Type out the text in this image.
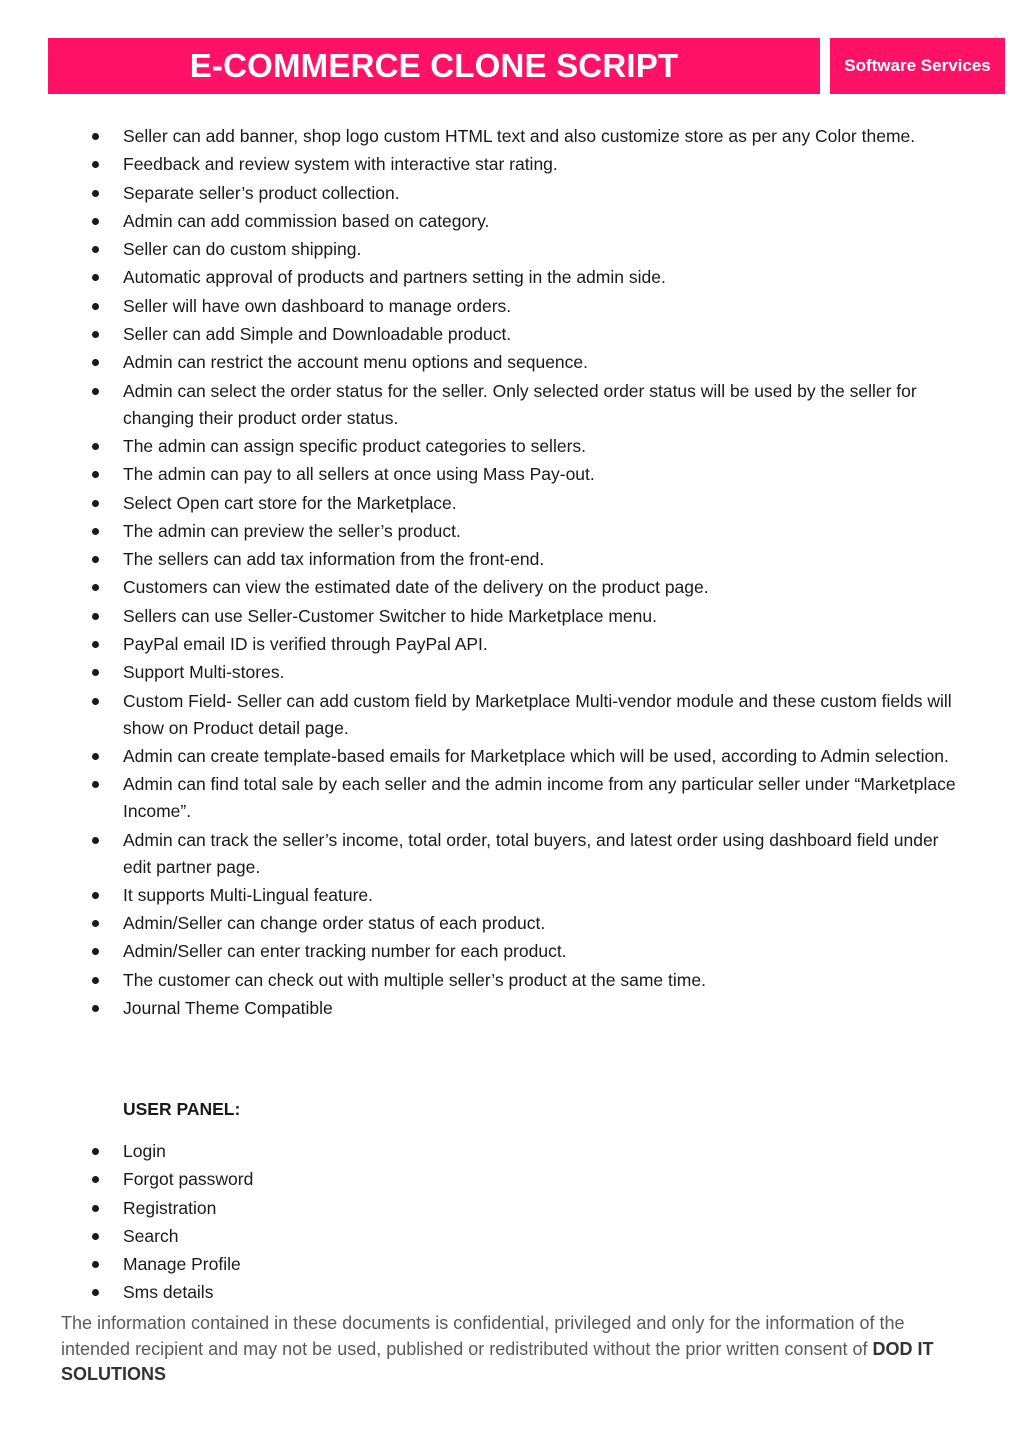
E-COMMERCE CLONE SCRIPT	Software Services
Seller can add banner, shop logo custom HTML text and also customize store as per any Color theme.
Feedback and review system with interactive star rating.
Separate seller’s product collection.
Admin can add commission based on category.
Seller can do custom shipping.
Automatic approval of products and partners setting in the admin side.
Seller will have own dashboard to manage orders.
Seller can add Simple and Downloadable product.
Admin can restrict the account menu options and sequence.
Admin can select the order status for the seller. Only selected order status will be used by the seller for changing their product order status.
The admin can assign specific product categories to sellers.
The admin can pay to all sellers at once using Mass Pay-out.
Select Open cart store for the Marketplace.
The admin can preview the seller’s product.
The sellers can add tax information from the front-end.
Customers can view the estimated date of the delivery on the product page.
Sellers can use Seller-Customer Switcher to hide Marketplace menu.
PayPal email ID is verified through PayPal API.
Support Multi-stores.
Custom Field- Seller can add custom field by Marketplace Multi-vendor module and these custom fields will show on Product detail page.
Admin can create template-based emails for Marketplace which will be used, according to Admin selection.
Admin can find total sale by each seller and the admin income from any particular seller under “Marketplace Income”.
Admin can track the seller’s income, total order, total buyers, and latest order using dashboard field under edit partner page.
It supports Multi-Lingual feature.
Admin/Seller can change order status of each product.
Admin/Seller can enter tracking number for each product.
The customer can check out with multiple seller’s product at the same time.
Journal Theme Compatible
USER PANEL:
Login
Forgot password
Registration
Search
Manage Profile
Sms details
The information contained in these documents is confidential, privileged and only for the information of the intended recipient and may not be used, published or redistributed without the prior written consent of DOD IT SOLUTIONS
